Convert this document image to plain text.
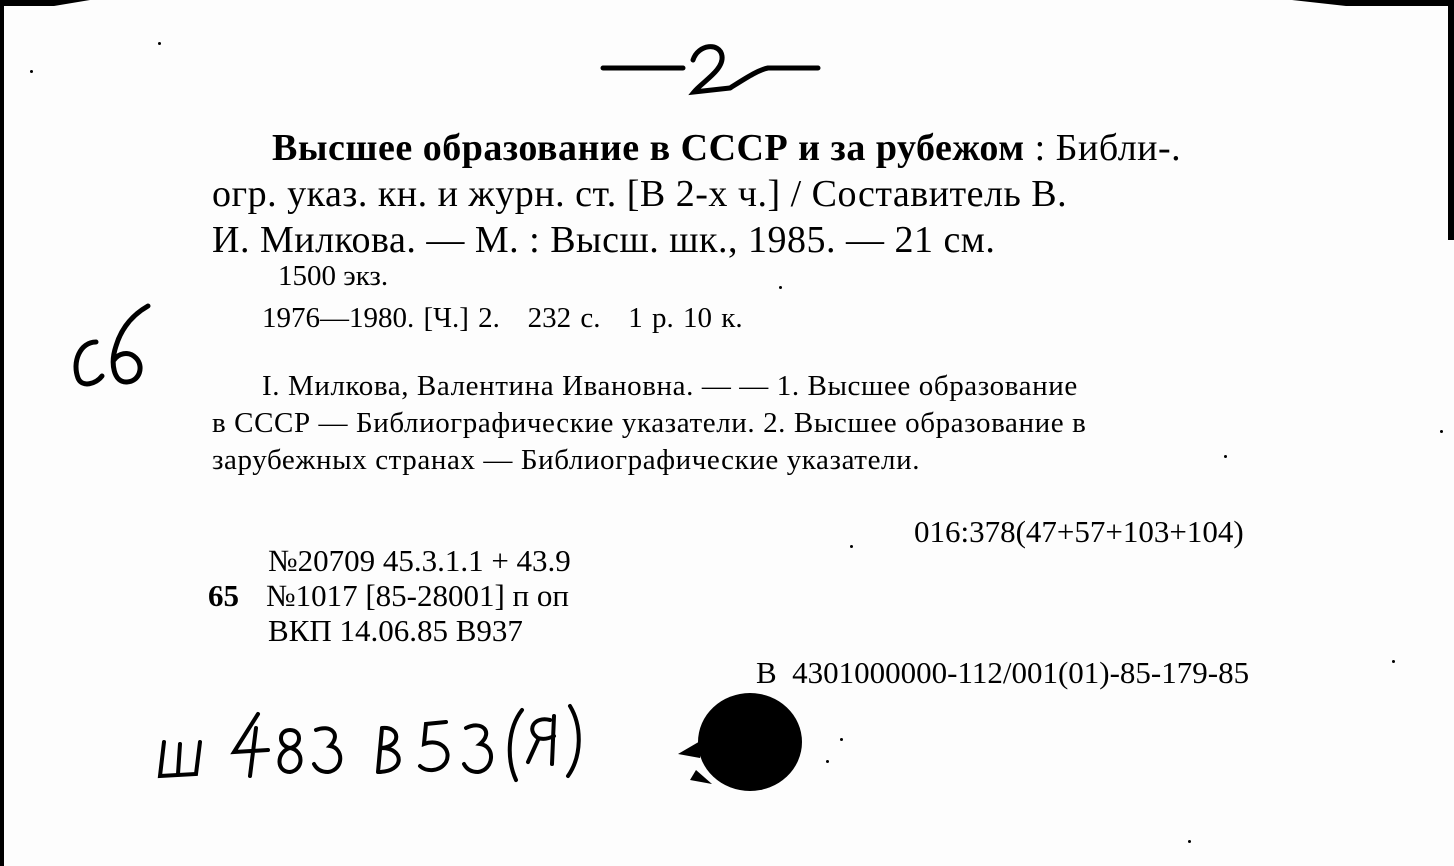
Высшее образование в СССР и за рубежом : Библи-.

огр. указ. кн. и журн. ст. [В 2-х ч.] / Составитель В.

И. Милкова. — М. : Высш. шк., 1985. — 21 см.

1500 экз.

1976—1980. [Ч.] 2.   232 с.   1 р. 10 к.

I. Милкова, Валентина Ивановна. — — 1. Высшее образование

в СССР — Библиографические указатели. 2. Высшее образование в

зарубежных странах — Библиографические указатели.

016:378(47+57+103+104)

№20709 45.3.1.1 + 43.9

65 №1017 [85-28001] п оп

ВКП 14.06.85 В937

В  4301000000-112/001(01)-85-179-85
